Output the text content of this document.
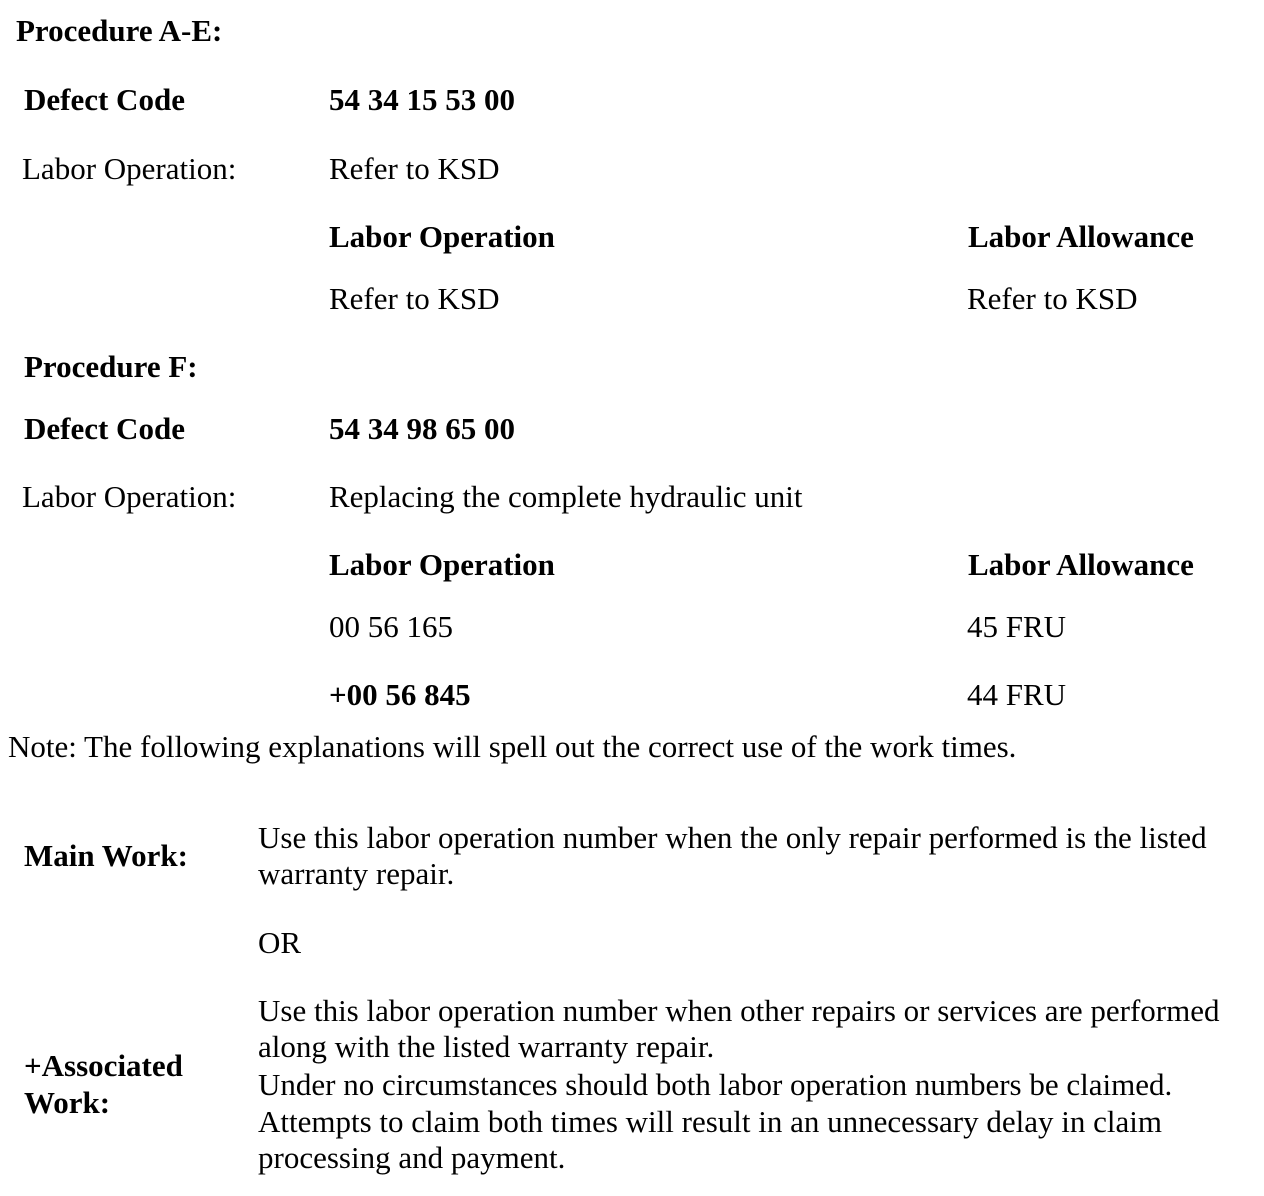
Procedure A-E:
Defect Code	54 34 15 53 00
Labor Operation:	Refer to KSD
Labor Operation	Labor Allowance
Refer to KSD	Refer to KSD
Procedure F:
Defect Code	54 34 98 65 00
Labor Operation:	Replacing the complete hydraulic unit
Labor Operation	Labor Allowance
00 56 165	45 FRU
+00 56 845	44 FRU
Note: The following explanations will spell out the correct use of the work times.
Main Work:
Use this labor operation number when the only repair performed is the listed warranty repair.
OR
+Associated
Work:
Use this labor operation number when other repairs or services are performed along with the listed warranty repair.
Under no circumstances should both labor operation numbers be claimed.
Attempts to claim both times will result in an unnecessary delay in claim processing and payment.
